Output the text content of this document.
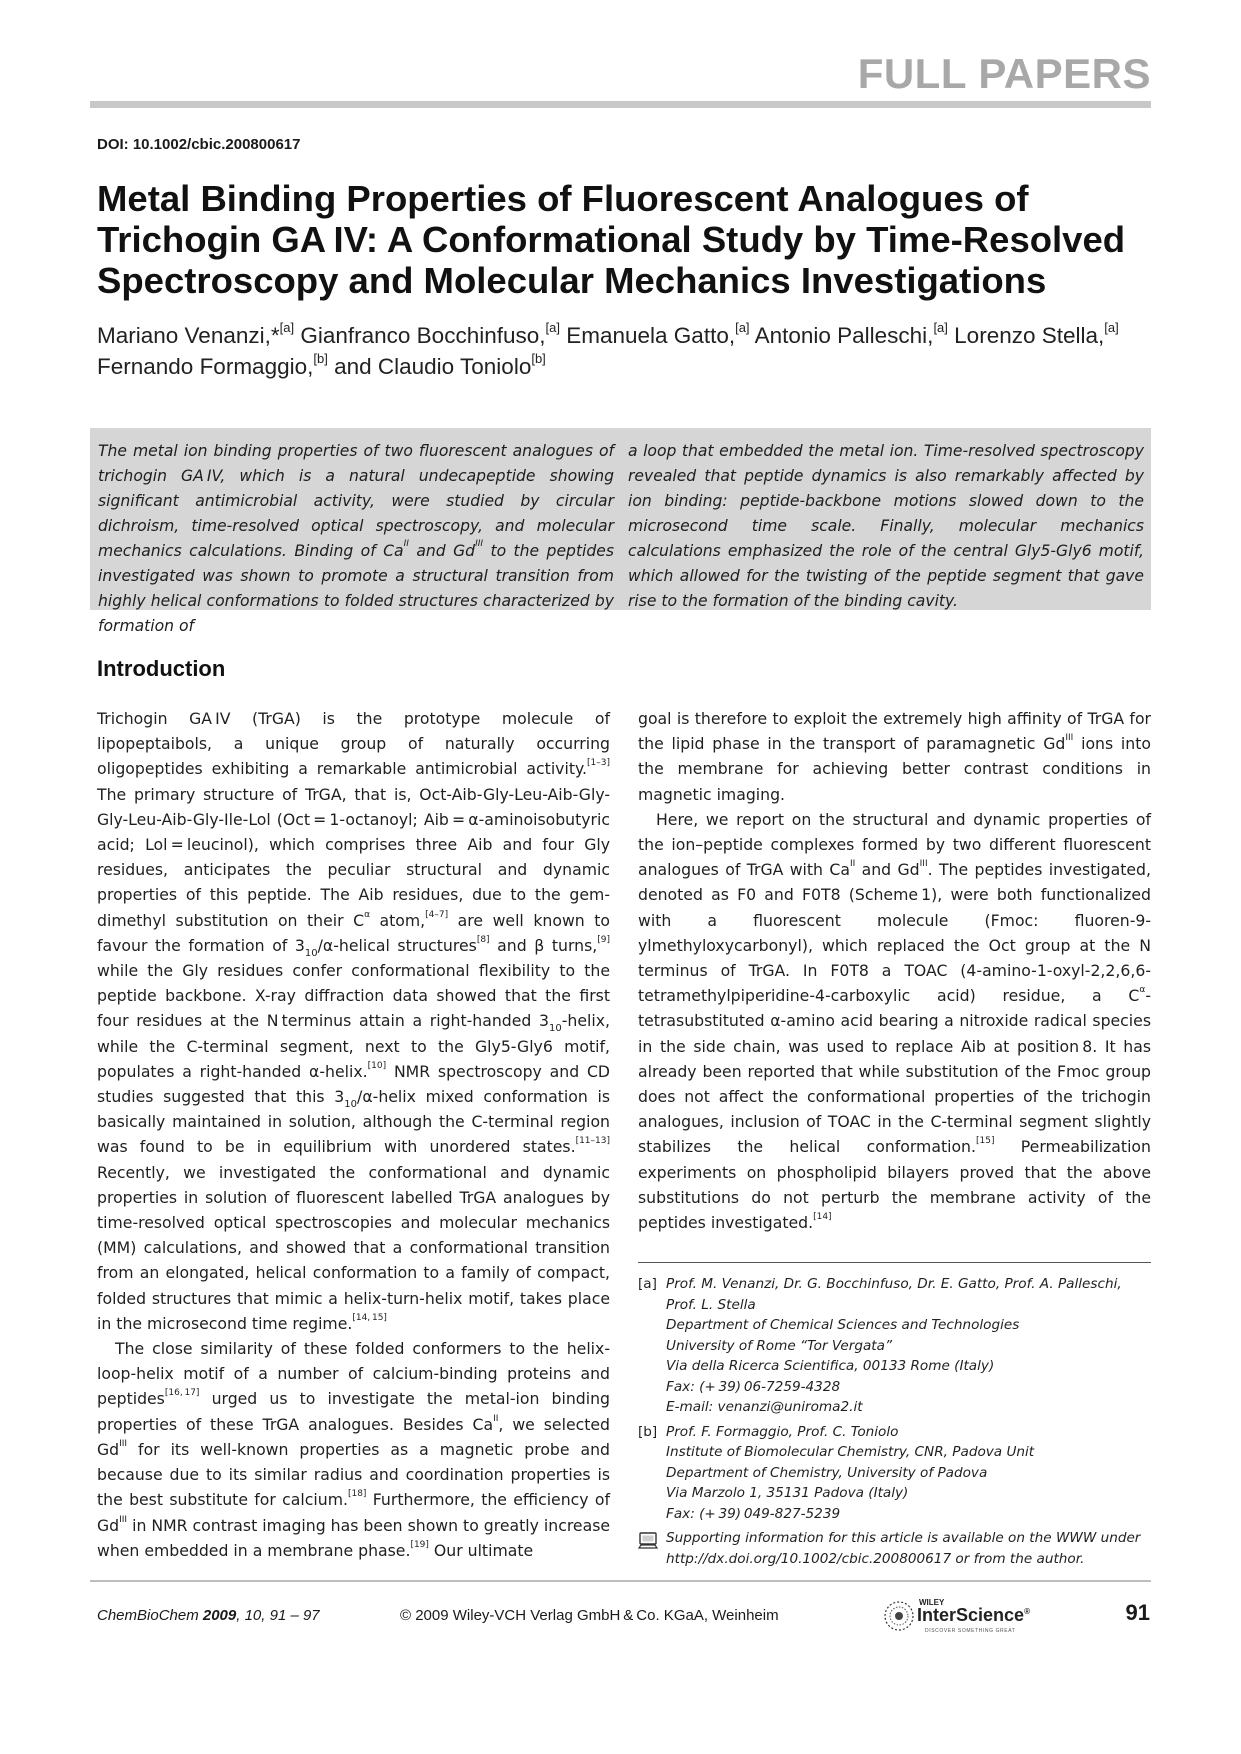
FULL PAPERS
DOI: 10.1002/cbic.200800617
Metal Binding Properties of Fluorescent Analogues of Trichogin GA IV: A Conformational Study by Time-Resolved Spectroscopy and Molecular Mechanics Investigations
Mariano Venanzi,*[a] Gianfranco Bocchinfuso,[a] Emanuela Gatto,[a] Antonio Palleschi,[a] Lorenzo Stella,[a] Fernando Formaggio,[b] and Claudio Toniolo[b]
The metal ion binding properties of two fluorescent analogues of trichogin GA IV, which is a natural undecapeptide showing significant antimicrobial activity, were studied by circular dichroism, time-resolved optical spectroscopy, and molecular mechanics calculations. Binding of $Ca^{II}$ and $Gd^{III}$ to the peptides investigated was shown to promote a structural transition from highly helical conformations to folded structures characterized by formation of
a loop that embedded the metal ion. Time-resolved spectroscopy revealed that peptide dynamics is also remarkably affected by ion binding: peptide-backbone motions slowed down to the microsecond time scale. Finally, molecular mechanics calculations emphasized the role of the central Gly5-Gly6 motif, which allowed for the twisting of the peptide segment that gave rise to the formation of the binding cavity.
Introduction

Trichogin GA IV (TrGA) is the prototype molecule of lipopeptaibols, a unique group of naturally occurring oligopeptides exhibiting a remarkable antimicrobial activity.[1–3] The primary structure of TrGA, that is, Oct-Aib-Gly-Leu-Aib-Gly-Gly-Leu-Aib-Gly-Ile-Lol (Oct = 1-octanoyl; Aib = α-aminoisobutyric acid; Lol = leucinol), which comprises three Aib and four Gly residues, anticipates the peculiar structural and dynamic properties of this peptide. The Aib residues, due to the gem-dimethyl substitution on their $C^\alpha$ atom,[4–7] are well known to favour the formation of $3_{10}/\alpha$-helical structures[8] and β turns,[9] while the Gly residues confer conformational flexibility to the peptide backbone. X-ray diffraction data showed that the first four residues at the N terminus attain a right-handed $3_{10}$-helix, while the C-terminal segment, next to the Gly5-Gly6 motif, populates a right-handed α-helix.[10] NMR spectroscopy and CD studies suggested that this $3_{10}/\alpha$-helix mixed conformation is basically maintained in solution, although the C-terminal region was found to be in equilibrium with unordered states.[11–13] Recently, we investigated the conformational and dynamic properties in solution of fluorescent labelled TrGA analogues by time-resolved optical spectroscopies and molecular mechanics (MM) calculations, and showed that a conformational transition from an elongated, helical conformation to a family of compact, folded structures that mimic a helix-turn-helix motif, takes place in the microsecond time regime.[14, 15]

The close similarity of these folded conformers to the helix-loop-helix motif of a number of calcium-binding proteins and peptides[16, 17] urged us to investigate the metal-ion binding properties of these TrGA analogues. Besides $Ca^{II}$, we selected $Gd^{III}$ for its well-known properties as a magnetic probe and because due to its similar radius and coordination properties is the best substitute for calcium.[18] Furthermore, the efficiency of $Gd^{III}$ in NMR contrast imaging has been shown to greatly increase when embedded in a membrane phase.[19] Our ultimate

goal is therefore to exploit the extremely high affinity of TrGA for the lipid phase in the transport of paramagnetic $Gd^{III}$ ions into the membrane for achieving better contrast conditions in magnetic imaging.

Here, we report on the structural and dynamic properties of the ion–peptide complexes formed by two different fluorescent analogues of TrGA with $Ca^{II}$ and $Gd^{III}$. The peptides investigated, denoted as F0 and F0T8 (Scheme 1), were both functionalized with a fluorescent molecule (Fmoc: fluoren-9-ylmethyloxycarbonyl), which replaced the Oct group at the N terminus of TrGA. In F0T8 a TOAC (4-amino-1-oxyl-2,2,6,6-tetramethylpiperidine-4-carboxylic acid) residue, a $C^\alpha$-tetrasubstituted α-amino acid bearing a nitroxide radical species in the side chain, was used to replace Aib at position 8. It has already been reported that while substitution of the Fmoc group does not affect the conformational properties of the trichogin analogues, inclusion of TOAC in the C-terminal segment slightly stabilizes the helical conformation.[15] Permeabilization experiments on phospholipid bilayers proved that the above substitutions do not perturb the membrane activity of the peptides investigated.[14]

[a] Prof. M. Venanzi, Dr. G. Bocchinfuso, Dr. E. Gatto, Prof. A. Palleschi,
Prof. L. Stella
Department of Chemical Sciences and Technologies
University of Rome “Tor Vergata”
Via della Ricerca Scientifica, 00133 Rome (Italy)
Fax: (+ 39) 06-7259-4328
E-mail: venanzi@uniroma2.it
[b] Prof. F. Formaggio, Prof. C. Toniolo
Institute of Biomolecular Chemistry, CNR, Padova Unit
Department of Chemistry, University of Padova
Via Marzolo 1, 35131 Padova (Italy)
Fax: (+ 39) 049-827-5239
Supporting information for this article is available on the WWW under
http://dx.doi.org/10.1002/cbic.200800617 or from the author.
ChemBioChem 2009, 10, 91 – 97	© 2009 Wiley-VCH Verlag GmbH & Co. KGaA, Weinheim
WILEY
InterScience®
DISCOVER SOMETHING GREAT
91
